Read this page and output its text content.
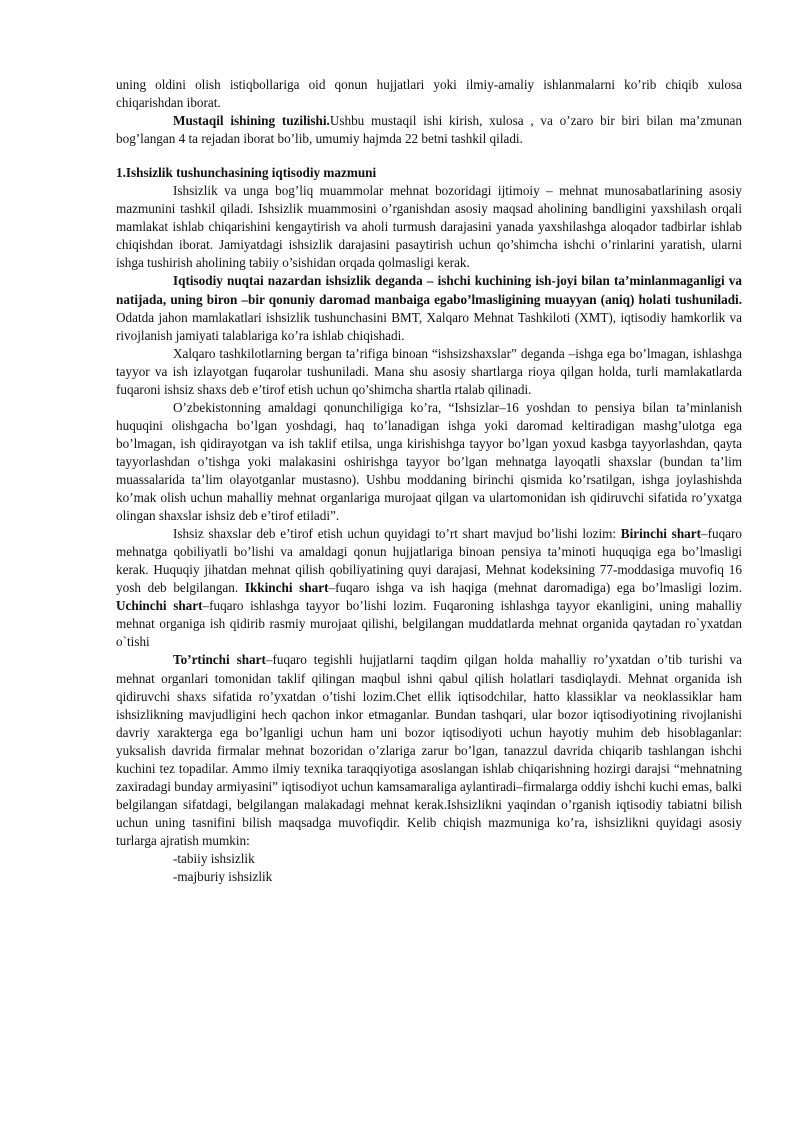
uning oldini olish istiqbollariga oid qonun hujjatlari yoki ilmiy-amaliy ishlanmalarni ko’rib chiqib xulosa chiqarishdan iborat.

Mustaqil ishining tuzilishi.Ushbu mustaqil ishi kirish, xulosa , va o’zaro bir biri bilan ma’zmunan bog’langan 4 ta rejadan iborat bo’lib, umumiy hajmda 22 betni tashkil qiladi.

1.Ishsizlik tushunchasining iqtisodiy mazmuni

Ishsizlik va unga bog’liq muammolar mehnat bozoridagi ijtimoiy – mehnat munosabatlarining asosiy mazmunini tashkil qiladi. Ishsizlik muammosini o’rganishdan asosiy maqsad aholining bandligini yaxshilash orqali mamlakat ishlab chiqarishini kengaytirish va aholi turmush darajasini yanada yaxshilashga aloqador tadbirlar ishlab chiqishdan iborat. Jamiyatdagi ishsizlik darajasini pasaytirish uchun qo’shimcha ishchi o’rinlarini yaratish, ularni ishga tushirish aholining tabiiy o’sishidan orqada qolmasligi kerak.

Iqtisodiy nuqtai nazardan ishsizlik deganda – ishchi kuchining ish-joyi bilan ta’minlanmaganligi va natijada, uning biron –bir qonuniy daromad manbaiga egabo’lmasligining muayyan (aniq) holati tushuniladi. Odatda jahon mamlakatlari ishsizlik tushunchasini BMT, Xalqaro Mehnat Tashkiloti (XMT), iqtisodiy hamkorlik va rivojlanish jamiyati talablariga ko’ra ishlab chiqishadi.

Xalqaro tashkilotlarning bergan ta’rifiga binoan “ishsizshaxslar” deganda –ishga ega bo’lmagan, ishlashga tayyor va ish izlayotgan fuqarolar tushuniladi. Mana shu asosiy shartlarga rioya qilgan holda, turli mamlakatlarda fuqaroni ishsiz shaxs deb e’tirof etish uchun qo’shimcha shartla rtalab qilinadi.

O’zbekistonning amaldagi qonunchiligiga ko’ra, “Ishsizlar–16 yoshdan to pensiya bilan ta’minlanish huquqini olishgacha bo’lgan yoshdagi, haq to’lanadigan ishga yoki daromad keltiradigan mashg’ulotga ega bo’lmagan, ish qidirayotgan va ish taklif etilsa, unga kirishishga tayyor bo’lgan yoxud kasbga tayyorlashdan, qayta tayyorlashdan o’tishga yoki malakasini oshirishga tayyor bo’lgan mehnatga layoqatli shaxslar (bundan ta’lim muassalarida ta’lim olayotganlar mustasno). Ushbu moddaning birinchi qismida ko’rsatilgan, ishga joylashishda ko’mak olish uchun mahalliy mehnat organlariga murojaat qilgan va ulartomonidan ish qidiruvchi sifatida ro’yxatga olingan shaxslar ishsiz deb e’tirof etiladi”.

Ishsiz shaxslar deb e’tirof etish uchun quyidagi to’rt shart mavjud bo’lishi lozim: Birinchi shart–fuqaro mehnatga qobiliyatli bo’lishi va amaldagi qonun hujjatlariga binoan pensiya ta’minoti huquqiga ega bo’lmasligi kerak. Huquqiy jihatdan mehnat qilish qobiliyatining quyi darajasi, Mehnat kodeksining 77-moddasiga muvofiq 16 yosh deb belgilangan. Ikkinchi shart–fuqaro ishga va ish haqiga (mehnat daromadiga) ega bo’lmasligi lozim. Uchinchi shart–fuqaro ishlashga tayyor bo’lishi lozim. Fuqaroning ishlashga tayyor ekanligini, uning mahalliy mehnat organiga ish qidirib rasmiy murojaat qilishi, belgilangan muddatlarda mehnat organida qaytadan ro`yxatdan o`tishi

To’rtinchi shart–fuqaro tegishli hujjatlarni taqdim qilgan holda mahalliy ro’yxatdan o’tib turishi va mehnat organlari tomonidan taklif qilingan maqbul ishni qabul qilish holatlari tasdiqlaydi. Mehnat organida ish qidiruvchi shaxs sifatida ro’yxatdan o’tishi lozim.Chet ellik iqtisodchilar, hatto klassiklar va neoklassiklar ham ishsizlikning mavjudligini hech qachon inkor etmaganlar. Bundan tashqari, ular bozor iqtisodiyotining rivojlanishi davriy xarakterga ega bo’lganligi uchun ham uni bozor iqtisodiyoti uchun hayotiy muhim deb hisoblaganlar: yuksalish davrida firmalar mehnat bozoridan o’zlariga zarur bo’lgan, tanazzul davrida chiqarib tashlangan ishchi kuchini tez topadilar. Ammo ilmiy texnika taraqqiyotiga asoslangan ishlab chiqarishning hozirgi darajsi “mehnatning zaxiradagi bunday armiyasini” iqtisodiyot uchun kamsamaraliga aylantiradi–firmalarga oddiy ishchi kuchi emas, balki belgilangan sifatdagi, belgilangan malakadagi mehnat kerak.Ishsizlikni yaqindan o’rganish iqtisodiy tabiatni bilish uchun uning tasnifini bilish maqsadga muvofiqdir. Kelib chiqish mazmuniga ko’ra, ishsizlikni quyidagi asosiy turlarga ajratish mumkin:

-tabiiy ishsizlik

-majburiy ishsizlik
